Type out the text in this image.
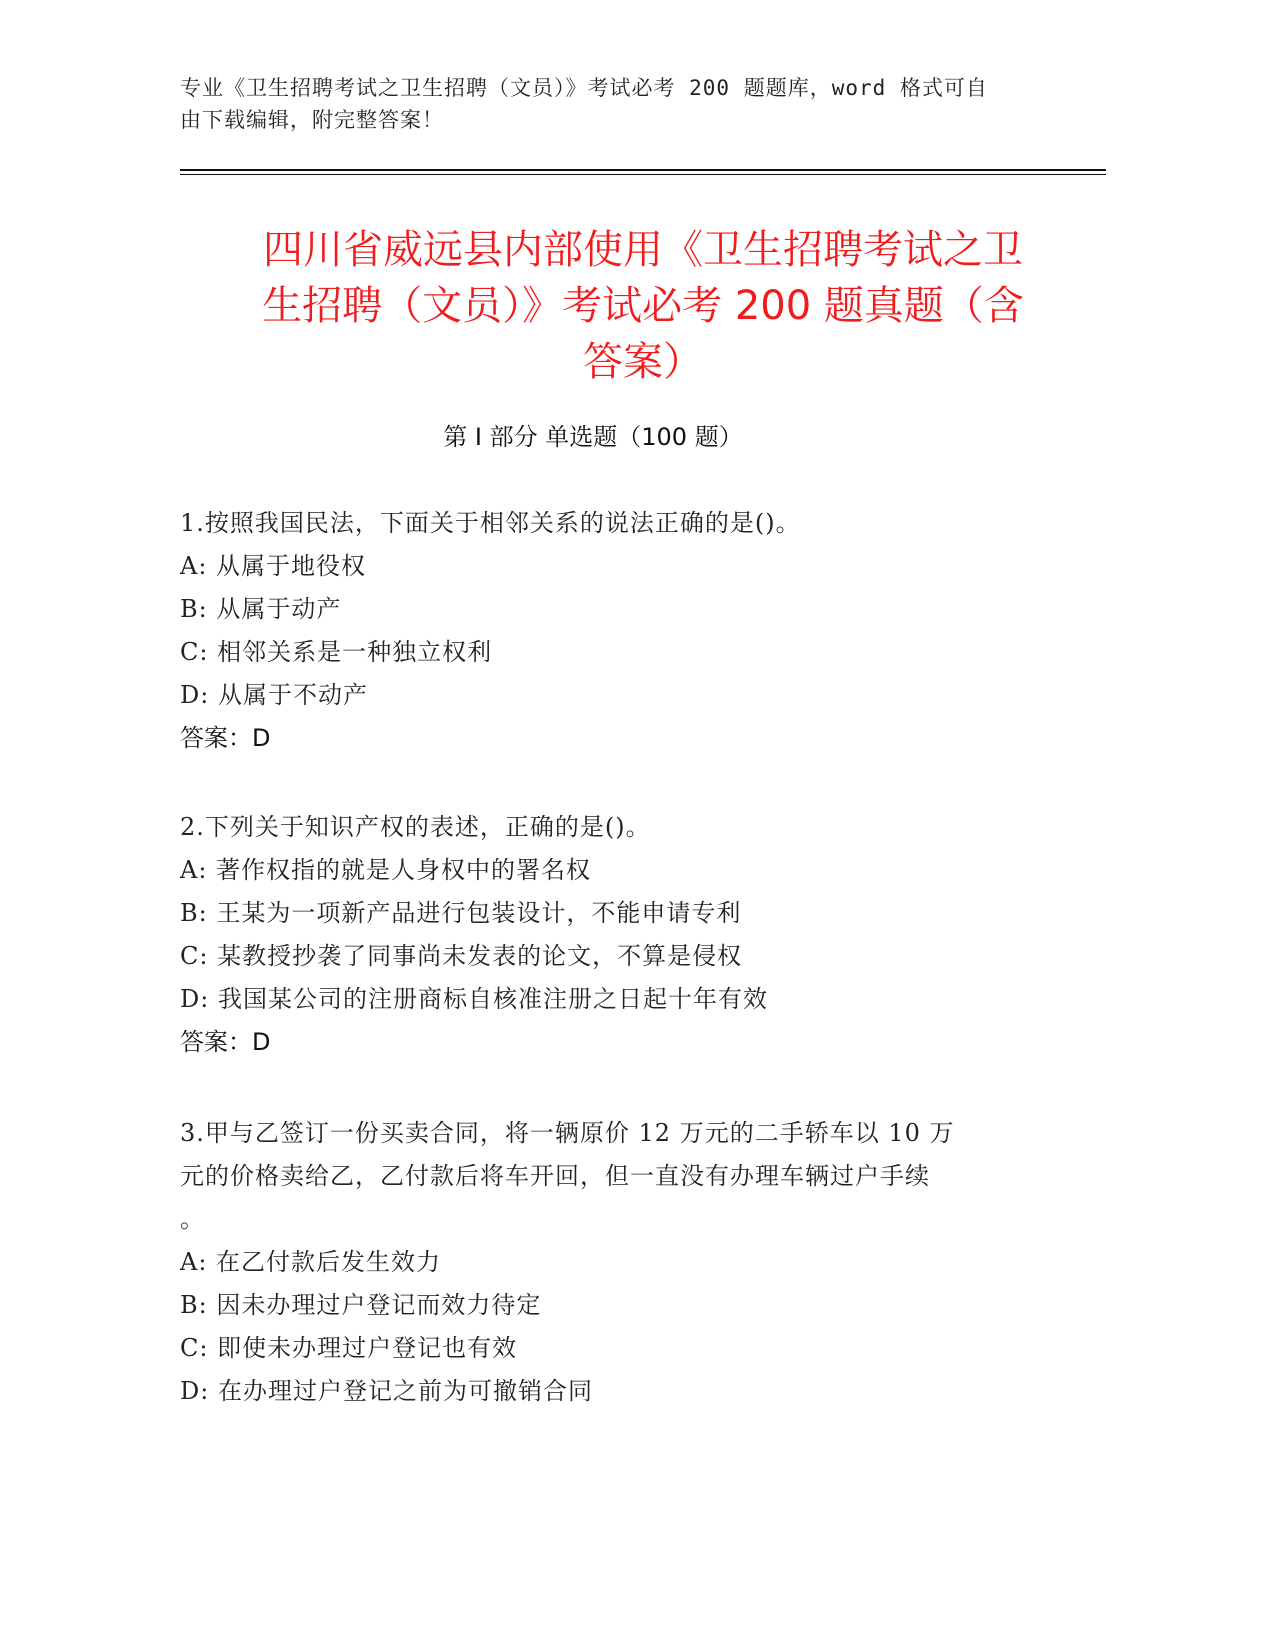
专业《卫生招聘考试之卫生招聘（文员）》考试必考 200 题题库，word 格式可自
由下载编辑，附完整答案！
四川省威远县内部使用《卫生招聘考试之卫
生招聘（文员）》考试必考 200 题真题（含
答案）
第 I 部分 单选题（100 题）

1.按照我国民法，下面关于相邻关系的说法正确的是()。

A: 从属于地役权

B: 从属于动产

C: 相邻关系是一种独立权利

D: 从属于不动产

答案：D

2.下列关于知识产权的表述，正确的是()。

A: 著作权指的就是人身权中的署名权

B: 王某为一项新产品进行包装设计，不能申请专利

C: 某教授抄袭了同事尚未发表的论文，不算是侵权

D: 我国某公司的注册商标自核准注册之日起十年有效

答案：D

3.甲与乙签订一份买卖合同，将一辆原价 12 万元的二手轿车以 10 万

元的价格卖给乙，乙付款后将车开回，但一直没有办理车辆过户手续

。

A: 在乙付款后发生效力

B: 因未办理过户登记而效力待定

C: 即使未办理过户登记也有效

D: 在办理过户登记之前为可撤销合同
